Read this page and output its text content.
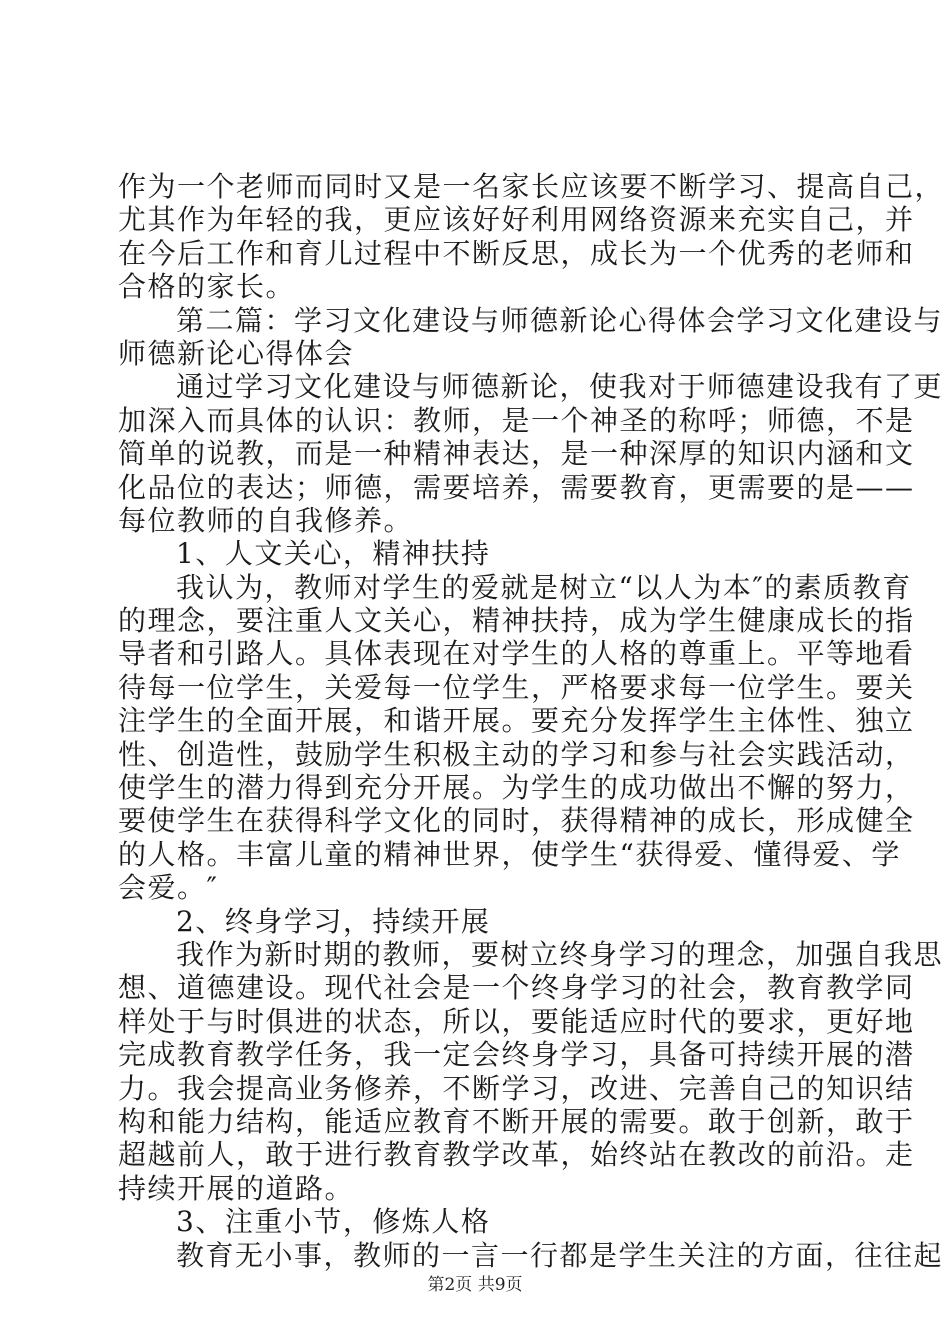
作为一个老师而同时又是一名家长应该要不断学习、提高自己，
尤其作为年轻的我，更应该好好利用网络资源来充实自己，并
在今后工作和育儿过程中不断反思，成长为一个优秀的老师和
合格的家长。
第二篇：学习文化建设与师德新论心得体会学习文化建设与
师德新论心得体会
通过学习文化建设与师德新论，使我对于师德建设我有了更
加深入而具体的认识：教师，是一个神圣的称呼；师德，不是
简单的说教，而是一种精神表达，是一种深厚的知识内涵和文
化品位的表达；师德，需要培养，需要教育，更需要的是——
每位教师的自我修养。
1、人文关心，精神扶持
我认为，教师对学生的爱就是树立“以人为本″的素质教育
的理念，要注重人文关心，精神扶持，成为学生健康成长的指
导者和引路人。具体表现在对学生的人格的尊重上。平等地看
待每一位学生，关爱每一位学生，严格要求每一位学生。要关
注学生的全面开展，和谐开展。要充分发挥学生主体性、独立
性、创造性，鼓励学生积极主动的学习和参与社会实践活动，
使学生的潜力得到充分开展。为学生的成功做出不懈的努力，
要使学生在获得科学文化的同时，获得精神的成长，形成健全
的人格。丰富儿童的精神世界，使学生“获得爱、懂得爱、学
会爱。″
2、终身学习，持续开展
我作为新时期的教师，要树立终身学习的理念，加强自我思
想、道德建设。现代社会是一个终身学习的社会，教育教学同
样处于与时俱进的状态，所以，要能适应时代的要求，更好地
完成教育教学任务，我一定会终身学习，具备可持续开展的潜
力。我会提高业务修养，不断学习，改进、完善自己的知识结
构和能力结构，能适应教育不断开展的需要。敢于创新，敢于
超越前人，敢于进行教育教学改革，始终站在教改的前沿。走
持续开展的道路。
3、注重小节，修炼人格
教育无小事，教师的一言一行都是学生关注的方面，往往起
第2页 共9页
